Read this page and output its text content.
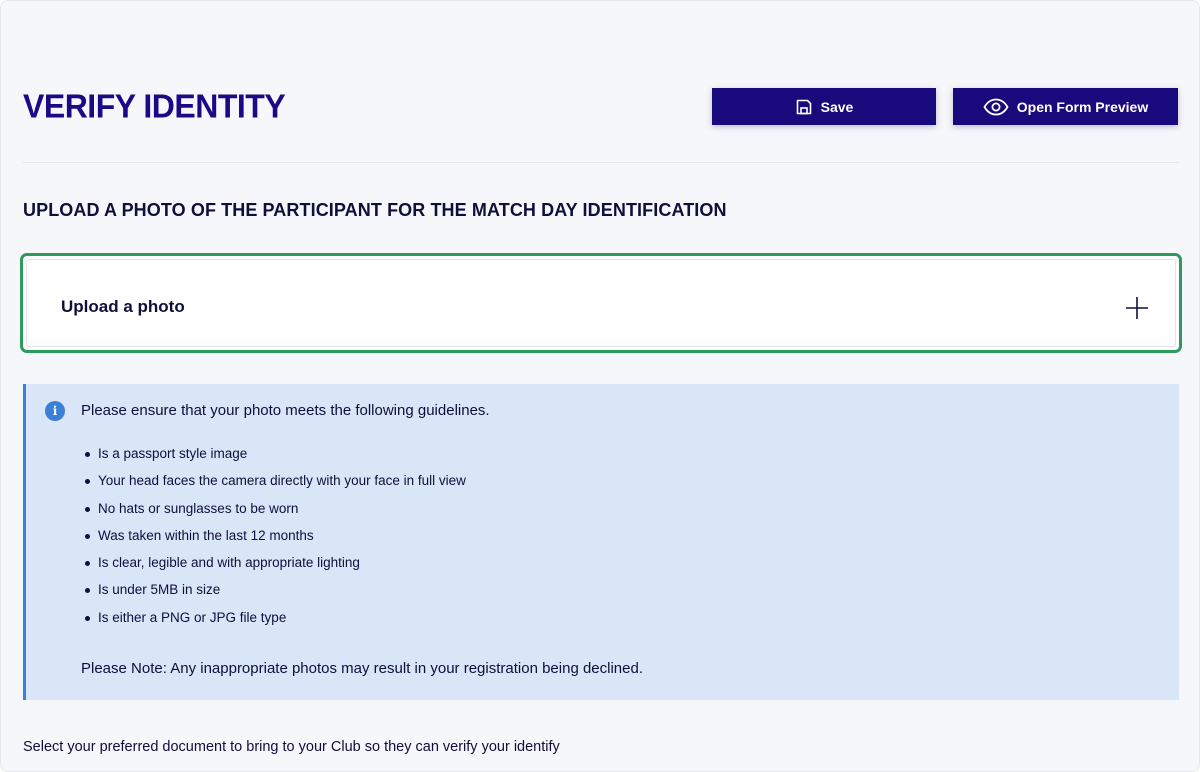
VERIFY IDENTITY	Save	Open Form Preview
UPLOAD A PHOTO OF THE PARTICIPANT FOR THE MATCH DAY IDENTIFICATION
Upload a photo
i	Please ensure that your photo meets the following guidelines.

Is a passport style image
Your head faces the camera directly with your face in full view
No hats or sunglasses to be worn
Was taken within the last 12 months
Is clear, legible and with appropriate lighting
Is under 5MB in size
Is either a PNG or JPG file type

Please Note: Any inappropriate photos may result in your registration being declined.

Select your preferred document to bring to your Club so they can verify your identify
